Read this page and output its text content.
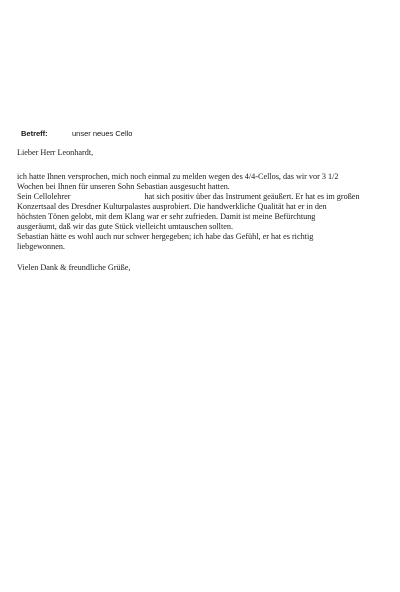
Betreff:	unser neues Cello
Lieber Herr Leonhardt,
ich hatte Ihnen versprochen, mich noch einmal zu melden wegen des 4/4-Cellos, das wir vor 3 1/2
Wochen bei Ihnen für unseren Sohn Sebastian ausgesucht hatten.
Sein Cellolehrer	hat sich positiv über das Instrument geäußert. Er hat es im großen
Konzertsaal des Dresdner Kulturpalastes ausprobiert. Die handwerkliche Qualität hat er in den
höchsten Tönen gelobt, mit dem Klang war er sehr zufrieden. Damit ist meine Befürchtung
ausgeräumt, daß wir das gute Stück vielleicht umtauschen sollten.
Sebastian hätte es wohl auch nur schwer hergegeben; ich habe das Gefühl, er hat es richtig
liebgewonnen.
Vielen Dank & freundliche Grüße,
